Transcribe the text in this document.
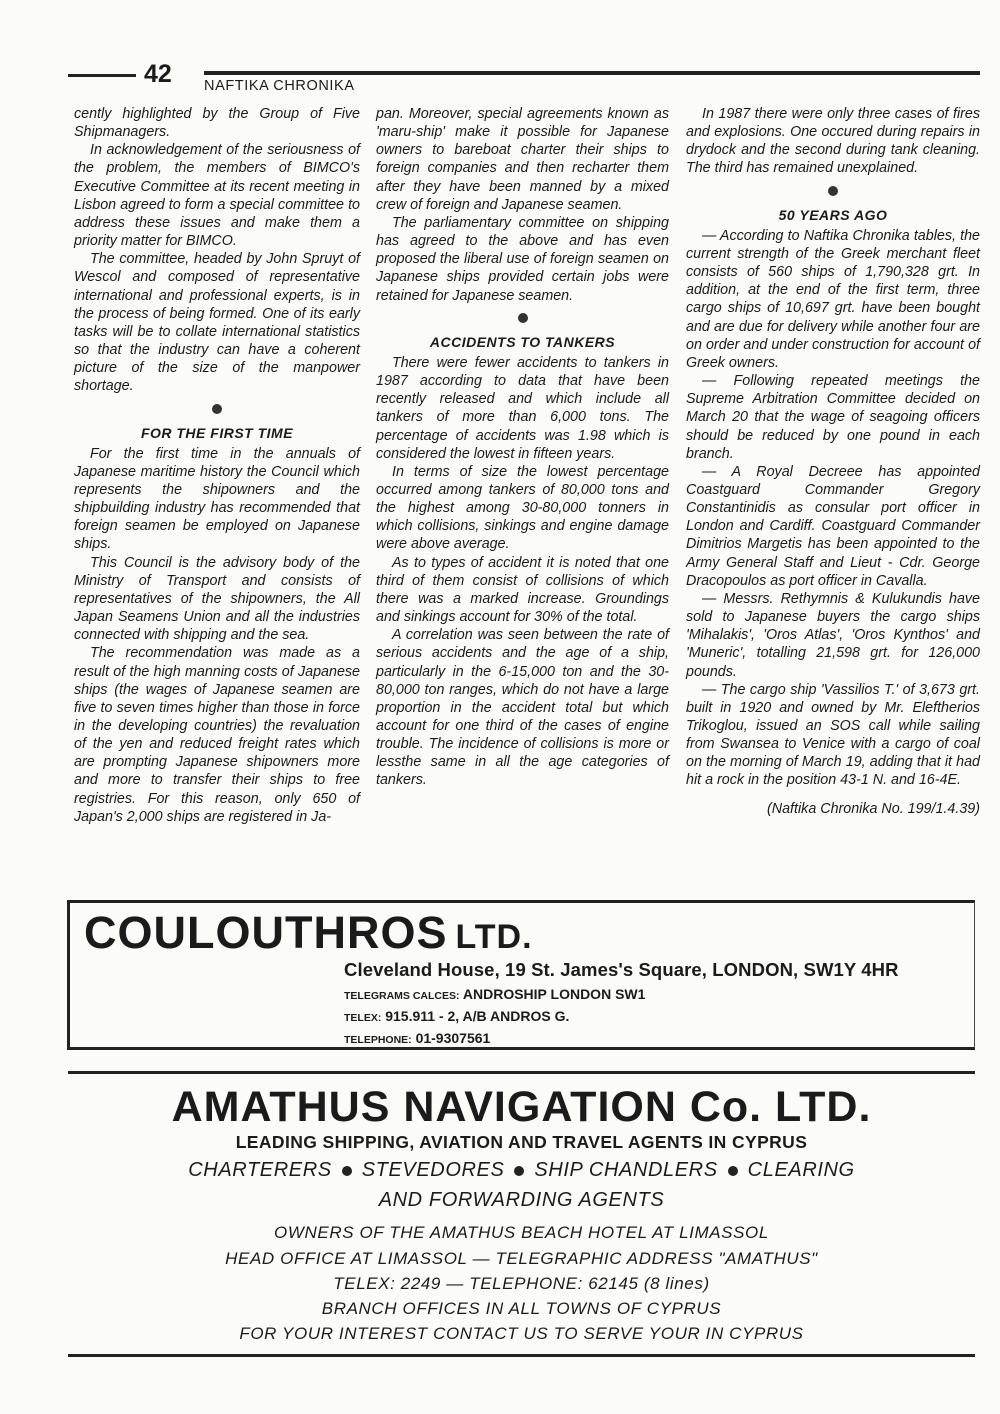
42 NAFTIKA CHRONIKA

cently highlighted by the Group of Five Shipmanagers.

In acknowledgement of the seriousness of the problem, the members of BIMCO's Executive Committee at its recent meeting in Lisbon agreed to form a special committee to address these issues and make them a priority matter for BIMCO.

The committee, headed by John Spruyt of Wescol and composed of representative international and professional experts, is in the process of being formed. One of its early tasks will be to collate international statistics so that the industry can have a coherent picture of the size of the manpower shortage.

FOR THE FIRST TIME

For the first time in the annuals of Japanese maritime history the Council which represents the shipowners and the shipbuilding industry has recommended that foreign seamen be employed on Japanese ships.

This Council is the advisory body of the Ministry of Transport and consists of representatives of the shipowners, the All Japan Seamens Union and all the industries connected with shipping and the sea.

The recommendation was made as a result of the high manning costs of Japanese ships (the wages of Japanese seamen are five to seven times higher than those in force in the developing countries) the revaluation of the yen and reduced freight rates which are prompting Japanese shipowners more and more to transfer their ships to free registries. For this reason, only 650 of Japan's 2,000 ships are registered in Ja-

pan. Moreover, special agreements known as 'maru-ship' make it possible for Japanese owners to bareboat charter their ships to foreign companies and then recharter them after they have been manned by a mixed crew of foreign and Japanese seamen.

The parliamentary committee on shipping has agreed to the above and has even proposed the liberal use of foreign seamen on Japanese ships provided certain jobs were retained for Japanese seamen.

ACCIDENTS TO TANKERS

There were fewer accidents to tankers in 1987 according to data that have been recently released and which include all tankers of more than 6,000 tons. The percentage of accidents was 1.98 which is considered the lowest in fifteen years.

In terms of size the lowest percentage occurred among tankers of 80,000 tons and the highest among 30-80,000 tonners in which collisions, sinkings and engine damage were above average.

As to types of accident it is noted that one third of them consist of collisions of which there was a marked increase. Groundings and sinkings account for 30% of the total.

A correlation was seen between the rate of serious accidents and the age of a ship, particularly in the 6-15,000 ton and the 30-80,000 ton ranges, which do not have a large proportion in the accident total but which account for one third of the cases of engine trouble. The incidence of collisions is more or lessthe same in all the age categories of tankers.

In 1987 there were only three cases of fires and explosions. One occured during repairs in drydock and the second during tank cleaning. The third has remained unexplained.

50 YEARS AGO

— According to Naftika Chronika tables, the current strength of the Greek merchant fleet consists of 560 ships of 1,790,328 grt. In addition, at the end of the first term, three cargo ships of 10,697 grt. have been bought and are due for delivery while another four are on order and under construction for account of Greek owners.

— Following repeated meetings the Supreme Arbitration Committee decided on March 20 that the wage of seagoing officers should be reduced by one pound in each branch.

— A Royal Decreee has appointed Coastguard Commander Gregory Constantinidis as consular port officer in London and Cardiff. Coastguard Commander Dimitrios Margetis has been appointed to the Army General Staff and Lieut - Cdr. George Dracopoulos as port officer in Cavalla.

— Messrs. Rethymnis & Kulukundis have sold to Japanese buyers the cargo ships 'Mihalakis', 'Oros Atlas', 'Oros Kynthos' and 'Muneric', totalling 21,598 grt. for 126,000 pounds.

— The cargo ship 'Vassilios T.' of 3,673 grt. built in 1920 and owned by Mr. Eleftherios Trikoglou, issued an SOS call while sailing from Swansea to Venice with a cargo of coal on the morning of March 19, adding that it had hit a rock in the position 43-1 N. and 16-4E.

(Naftika Chronika No. 199/1.4.39)

COULOUTHROS LTD.
Cleveland House, 19 St. James's Square, LONDON, SW1Y 4HR
TELEGRAMS CALCES: ANDROSHIP LONDON SW1
TELEX: 915.911 - 2, A/B ANDROS G.
TELEPHONE: 01-9307561
AMATHUS NAVIGATION Co. LTD.
LEADING SHIPPING, AVIATION AND TRAVEL AGENTS IN CYPRUS
CHARTERERS STEVEDORES SHIP CHANDLERS CLEARING
AND FORWARDING AGENTS
OWNERS OF THE AMATHUS BEACH HOTEL AT LIMASSOL
HEAD OFFICE AT LIMASSOL — TELEGRAPHIC ADDRESS "AMATHUS"
TELEX: 2249 — TELEPHONE: 62145 (8 lines)
BRANCH OFFICES IN ALL TOWNS OF CYPRUS
FOR YOUR INTEREST CONTACT US TO SERVE YOUR IN CYPRUS
